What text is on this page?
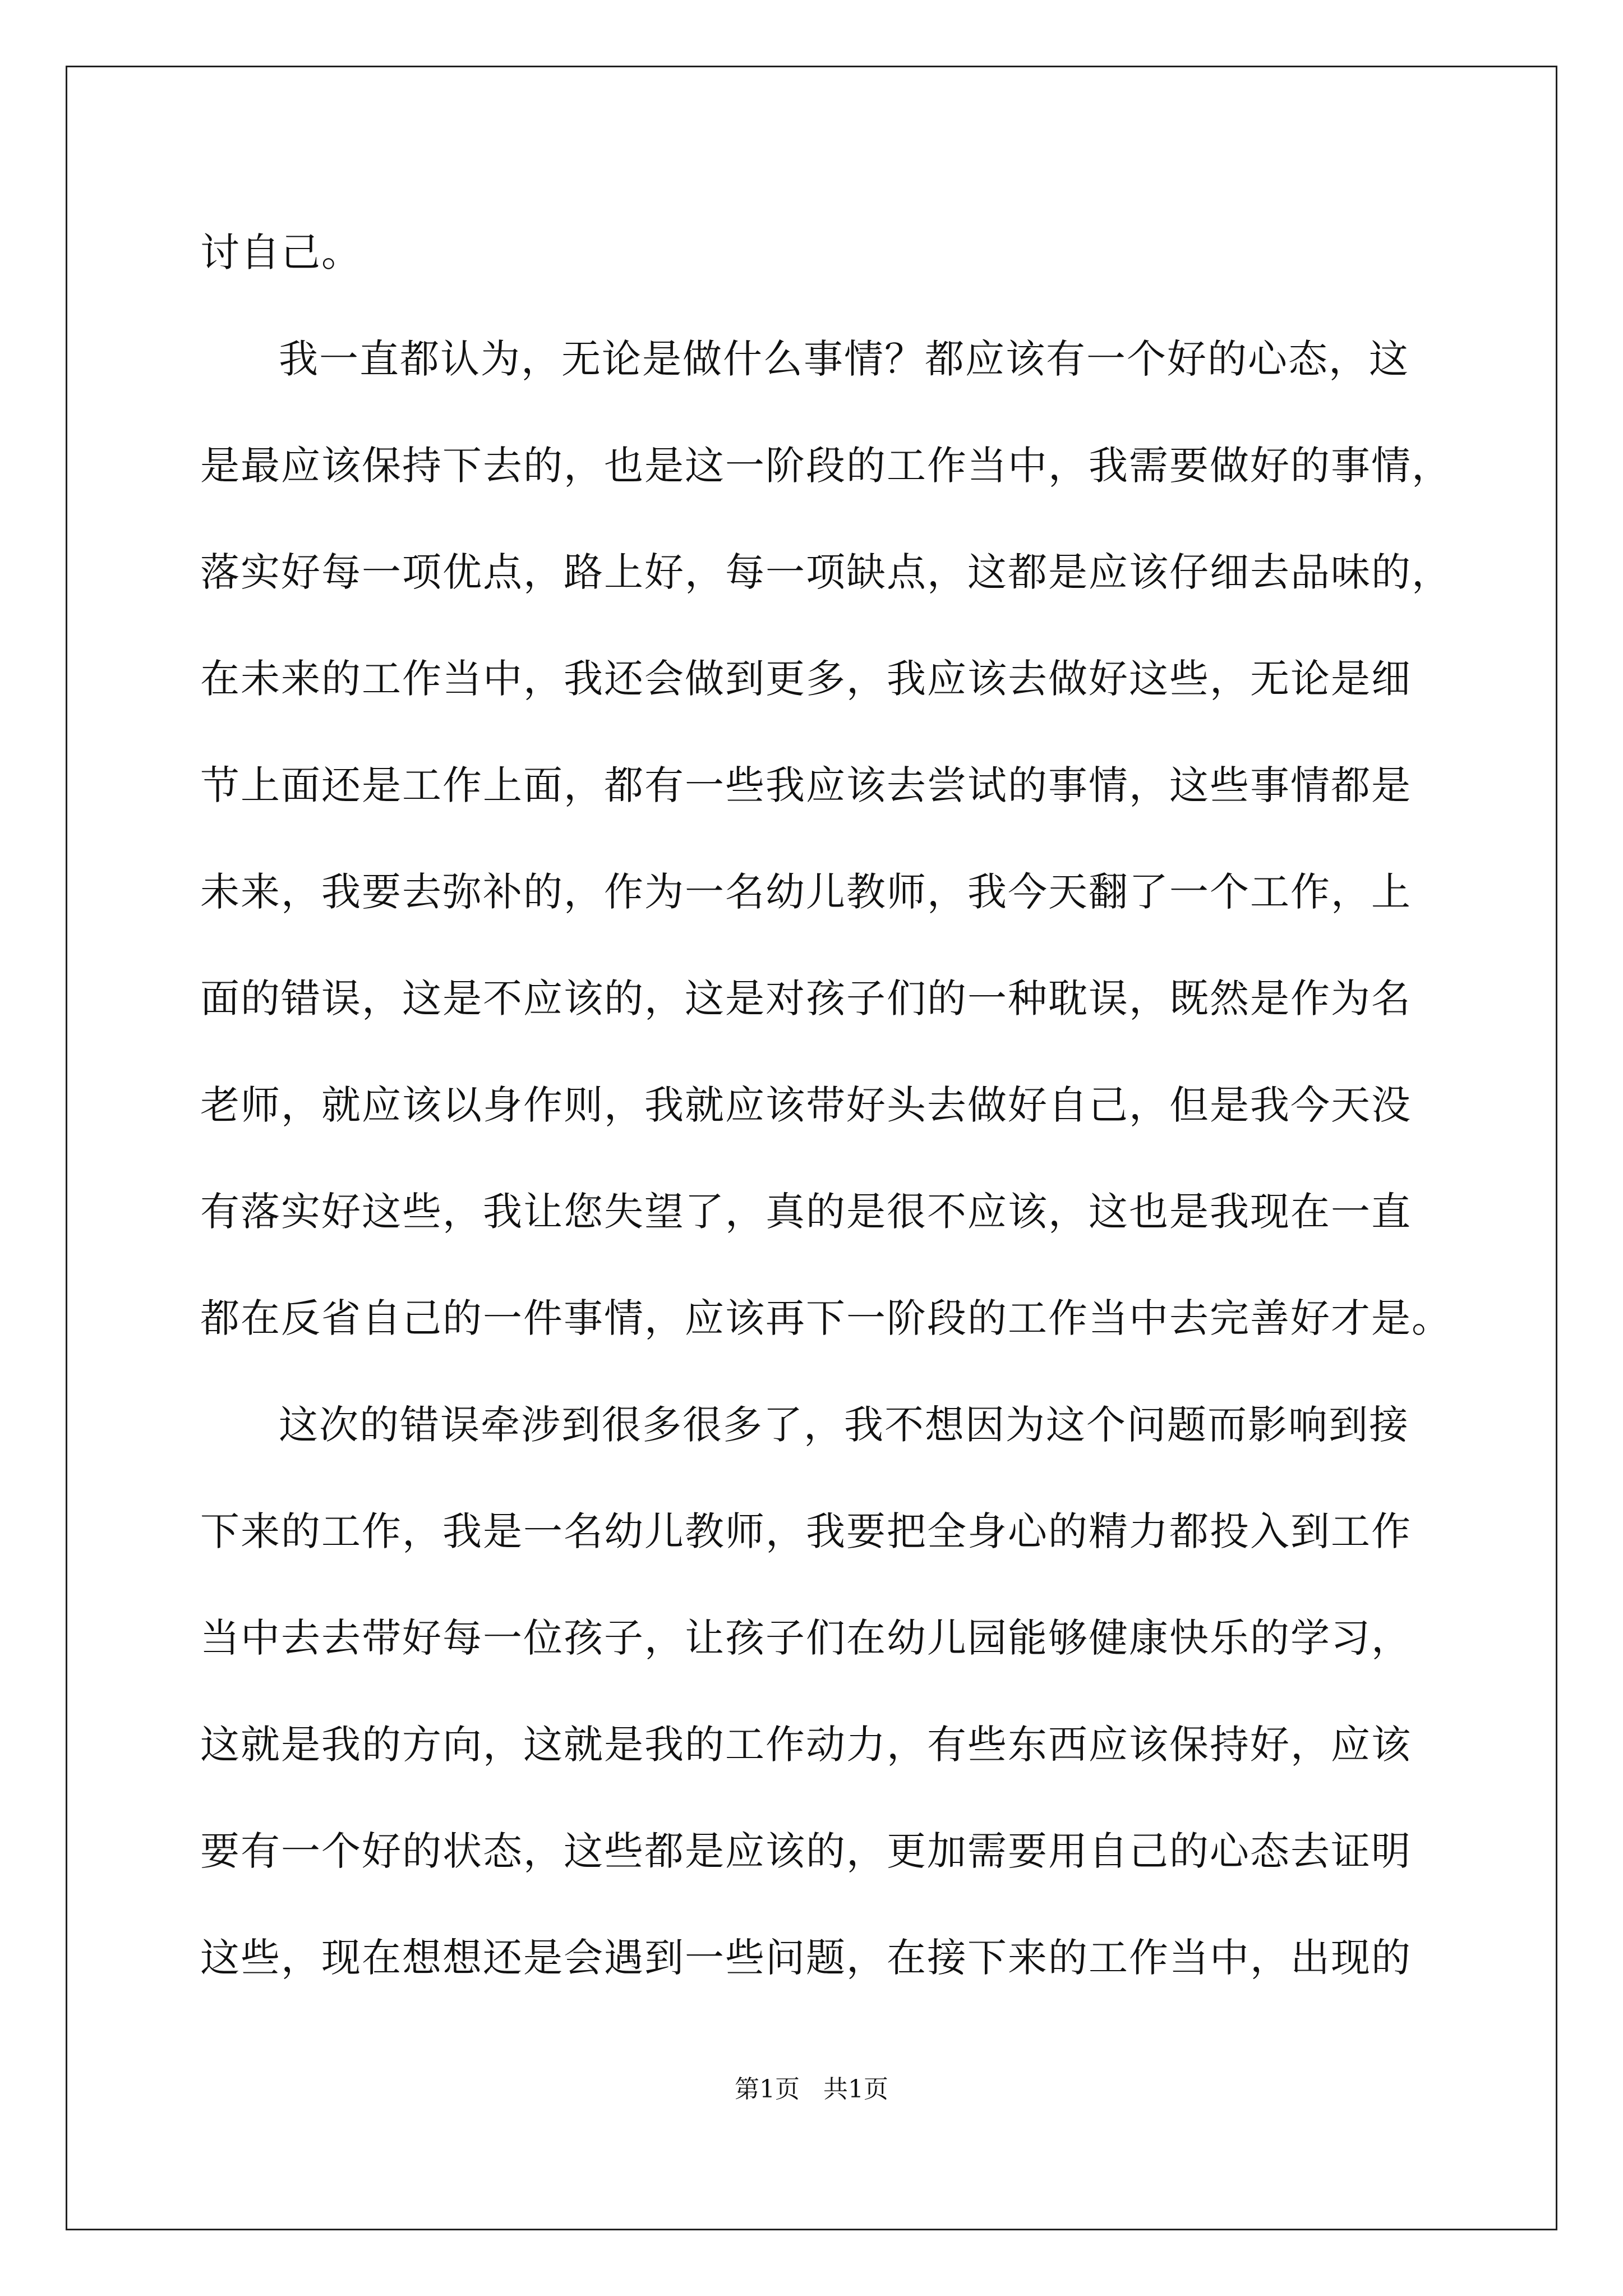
讨自己。
我一直都认为，无论是做什么事情？都应该有一个好的心态，这
是最应该保持下去的，也是这一阶段的工作当中，我需要做好的事情，
落实好每一项优点，路上好，每一项缺点，这都是应该仔细去品味的，
在未来的工作当中，我还会做到更多，我应该去做好这些，无论是细
节上面还是工作上面，都有一些我应该去尝试的事情，这些事情都是
未来，我要去弥补的，作为一名幼儿教师，我今天翻了一个工作，上
面的错误，这是不应该的，这是对孩子们的一种耽误，既然是作为名
老师，就应该以身作则，我就应该带好头去做好自己，但是我今天没
有落实好这些，我让您失望了，真的是很不应该，这也是我现在一直
都在反省自己的一件事情，应该再下一阶段的工作当中去完善好才是。
这次的错误牵涉到很多很多了，我不想因为这个问题而影响到接
下来的工作，我是一名幼儿教师，我要把全身心的精力都投入到工作
当中去去带好每一位孩子，让孩子们在幼儿园能够健康快乐的学习，
这就是我的方向，这就是我的工作动力，有些东西应该保持好，应该
要有一个好的状态，这些都是应该的，更加需要用自己的心态去证明
这些，现在想想还是会遇到一些问题，在接下来的工作当中，出现的
第1页 共1页
